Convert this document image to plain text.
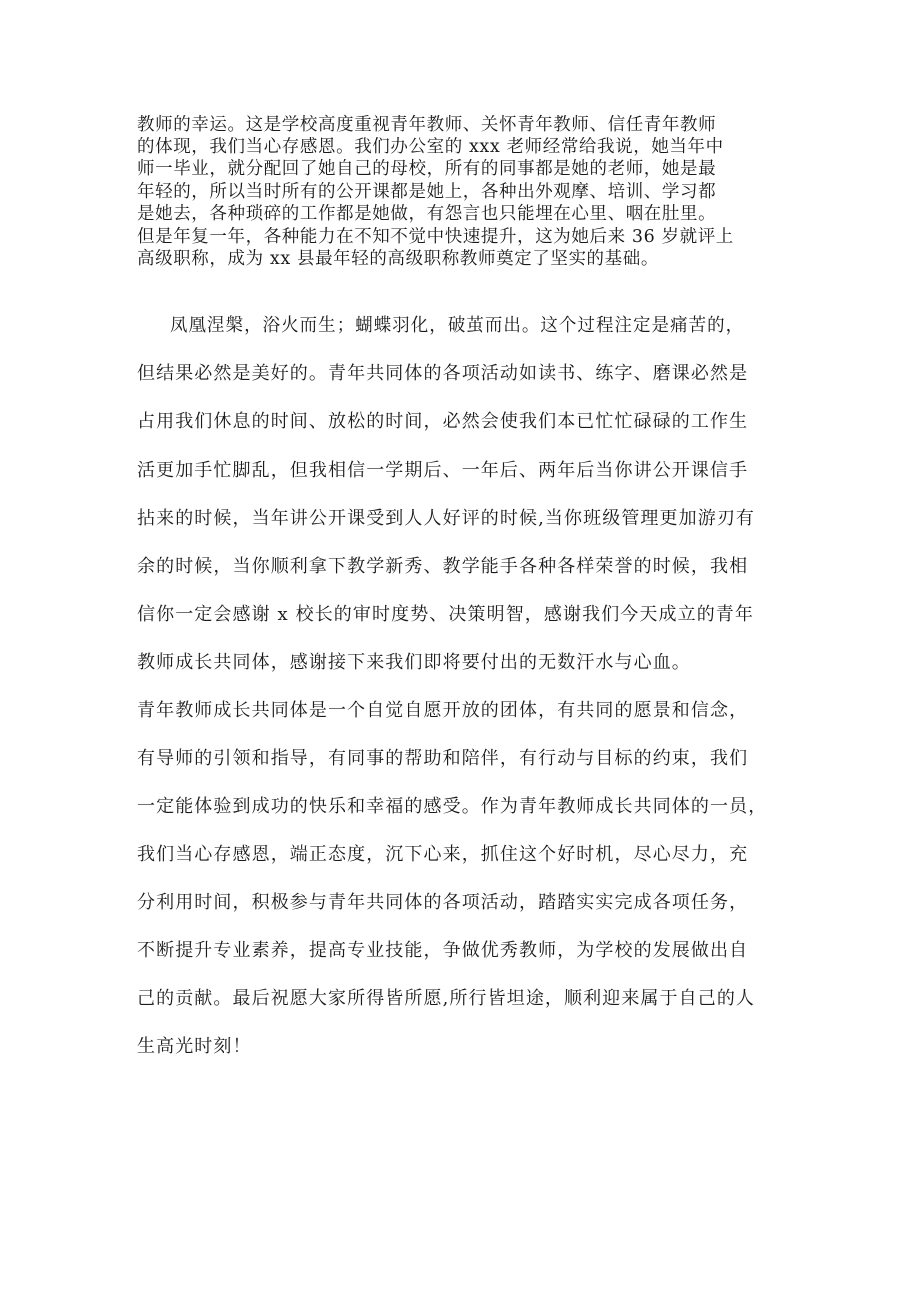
教师的幸运。这是学校高度重视青年教师、关怀青年教师、信任青年教师
的体现，我们当心存感恩。我们办公室的 xxx 老师经常给我说，她当年中
师一毕业，就分配回了她自己的母校，所有的同事都是她的老师，她是最
年轻的，所以当时所有的公开课都是她上，各种出外观摩、培训、学习都
是她去，各种琐碎的工作都是她做，有怨言也只能埋在心里、咽在肚里。
但是年复一年，各种能力在不知不觉中快速提升，这为她后来 36 岁就评上
高级职称，成为 xx 县最年轻的高级职称教师奠定了坚实的基础。
凤凰涅槃，浴火而生；蝴蝶羽化，破茧而出。这个过程注定是痛苦的，
但结果必然是美好的。青年共同体的各项活动如读书、练字、磨课必然是
占用我们休息的时间、放松的时间，必然会使我们本已忙忙碌碌的工作生
活更加手忙脚乱，但我相信一学期后、一年后、两年后当你讲公开课信手
拈来的时候，当年讲公开课受到人人好评的时候,当你班级管理更加游刃有
余的时候，当你顺利拿下教学新秀、教学能手各种各样荣誉的时候，我相
信你一定会感谢 x 校长的审时度势、决策明智，感谢我们今天成立的青年
教师成长共同体，感谢接下来我们即将要付出的无数汗水与心血。
青年教师成长共同体是一个自觉自愿开放的团体，有共同的愿景和信念，
有导师的引领和指导，有同事的帮助和陪伴，有行动与目标的约束，我们
一定能体验到成功的快乐和幸福的感受。作为青年教师成长共同体的一员，
我们当心存感恩，端正态度，沉下心来，抓住这个好时机，尽心尽力，充
分利用时间，积极参与青年共同体的各项活动，踏踏实实完成各项任务，
不断提升专业素养，提高专业技能，争做优秀教师，为学校的发展做出自
己的贡献。最后祝愿大家所得皆所愿,所行皆坦途，顺利迎来属于自己的人
生高光时刻！
